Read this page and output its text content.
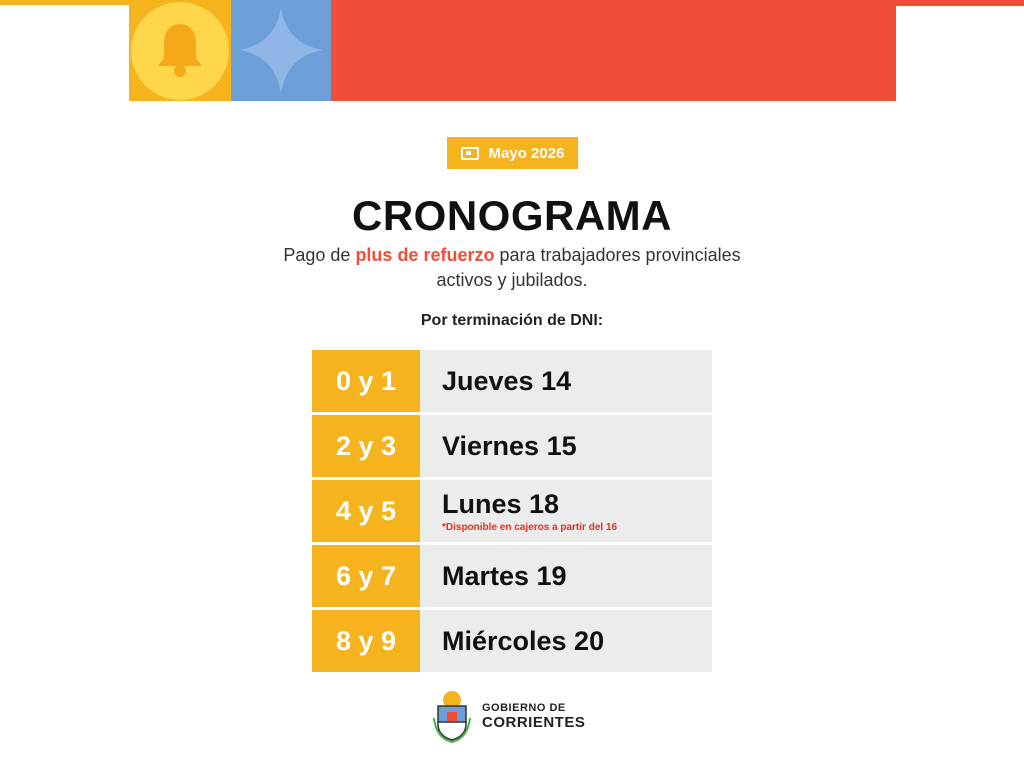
Mayo 2026
CRONOGRAMA
Pago de plus de refuerzo para trabajadores provinciales activos y jubilados.
Por terminación de DNI:
0 y 1	Jueves 14
2 y 3	Viernes 15
4 y 5	Lunes 18
*Disponible en cajeros a partir del 16
6 y 7	Martes 19
8 y 9	Miércoles 20
GOBIERNO DE
CORRIENTES
